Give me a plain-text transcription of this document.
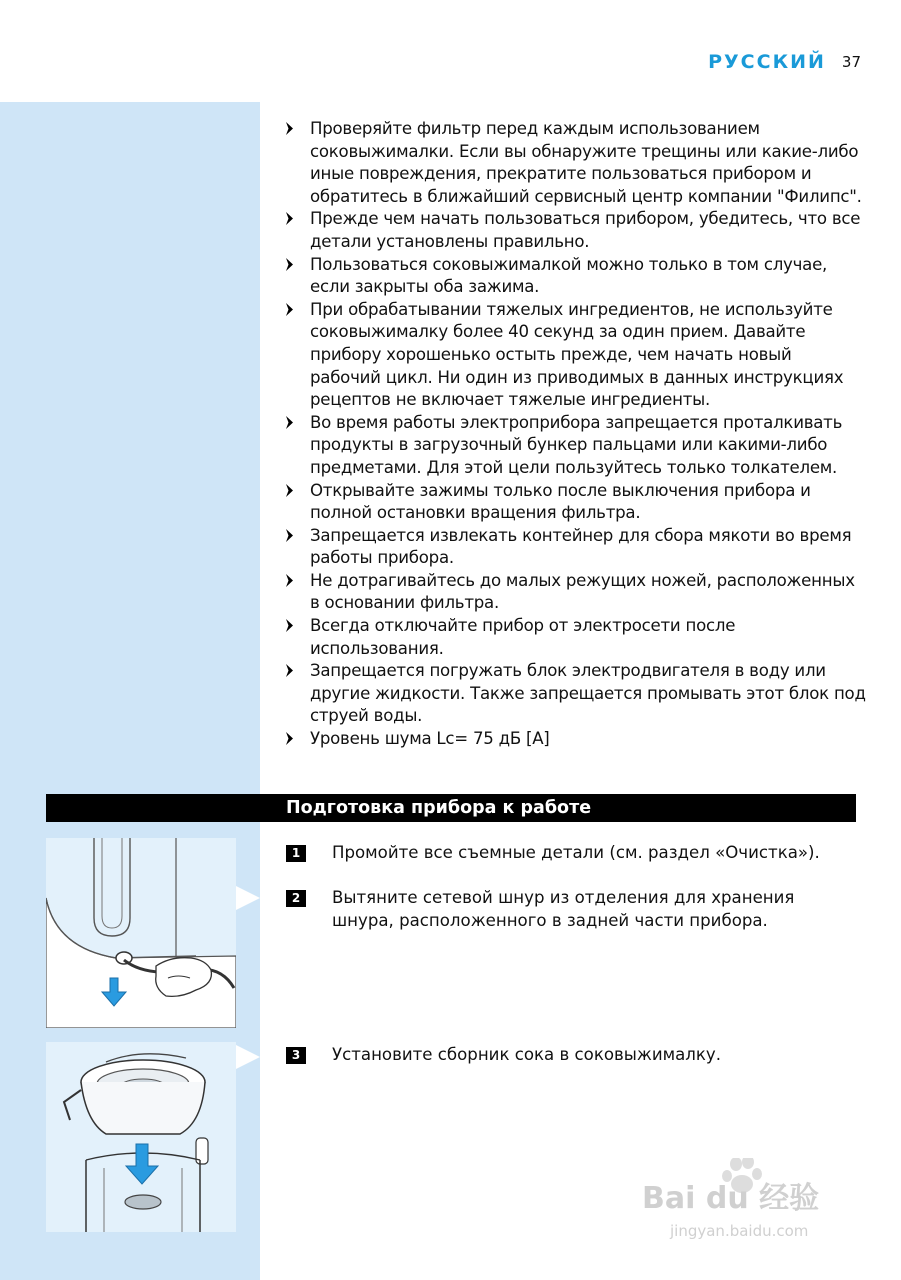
РУССКИЙ 37
Проверяйте фильтр перед каждым использованием соковыжималки. Если вы обнаружите трещины или какие-либо иные повреждения, прекратите пользоваться прибором и обратитесь в ближайший сервисный центр компании "Филипс".
Прежде чем начать пользоваться прибором, убедитесь, что все детали установлены правильно.
Пользоваться соковыжималкой можно только в том случае, если закрыты оба зажима.
При обрабатывании тяжелых ингредиентов, не используйте соковыжималку более 40 секунд за один прием. Давайте прибору хорошенько остыть прежде, чем начать новый рабочий цикл. Ни один из приводимых в данных инструкциях рецептов не включает тяжелые ингредиенты.
Во время работы электроприбора запрещается проталкивать продукты в загрузочный бункер пальцами или какими-либо предметами. Для этой цели пользуйтесь только толкателем.
Открывайте зажимы только после выключения прибора и полной остановки вращения фильтра.
Запрещается извлекать контейнер для сбора мякоти во время работы прибора.
Не дотрагивайтесь до малых режущих ножей, расположенных в основании фильтра.
Всегда отключайте прибор от электросети после использования.
Запрещается погружать блок электродвигателя в воду или другие жидкости. Также запрещается промывать этот блок под струей воды.
Уровень шума Lc= 75 дБ [A]
Подготовка прибора к работе
1	Промойте все съемные детали (см. раздел «Очистка»).
2	Вытяните сетевой шнур из отделения для хранения шнура, расположенного в задней части прибора.
3	Установите сборник сока в соковыжималку.
Bai du 经验
jingyan.baidu.com
